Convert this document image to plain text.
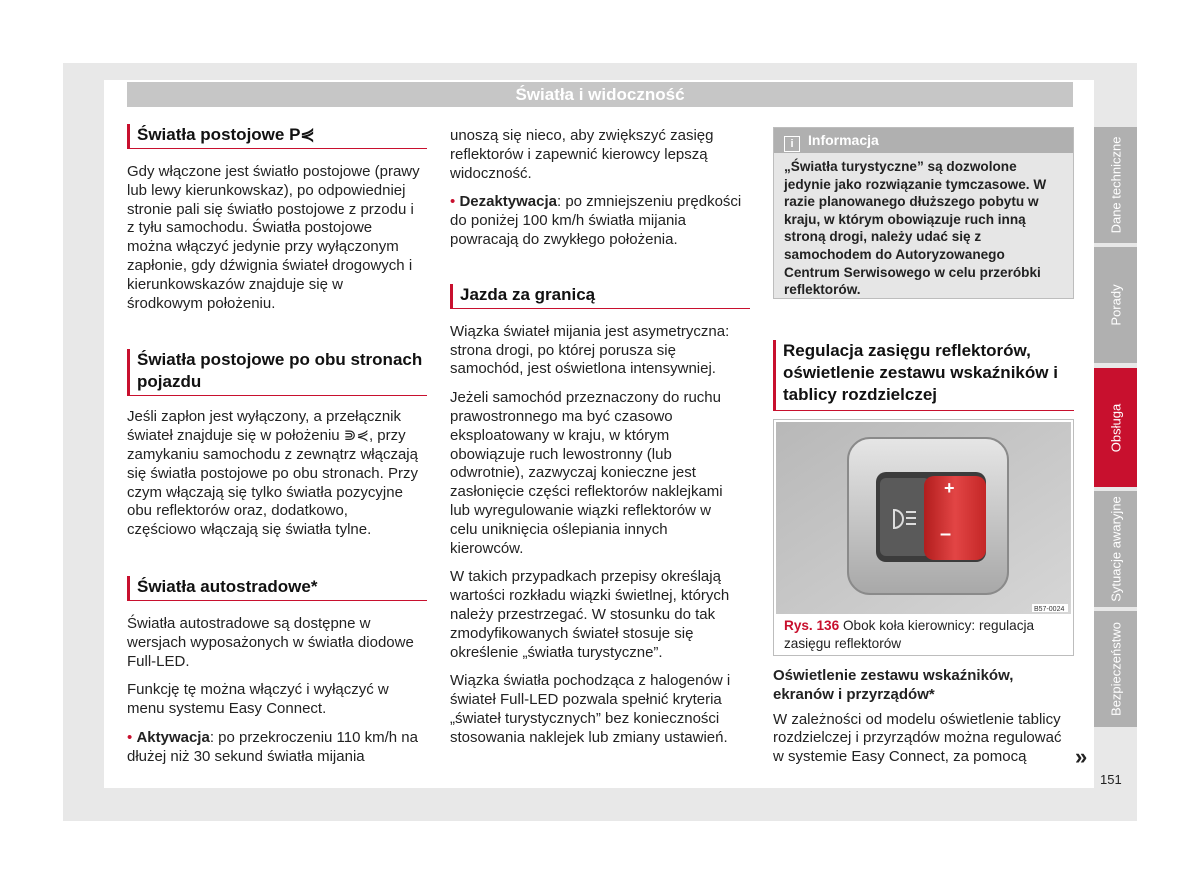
Światła i widoczność
Światła postojowe P⋞

Gdy włączone jest światło postojowe (prawy lub lewy kierunkowskaz), po odpowiedniej stronie pali się światło postojowe z przodu i z tyłu samochodu. Światła postojowe można włączyć jedynie przy wyłączonym zapłonie, gdy dźwignia świateł drogowych i kierunkowskazów znajduje się w środkowym położeniu.

Światła postojowe po obu stronach pojazdu

Jeśli zapłon jest wyłączony, a przełącznik świateł znajduje się w położeniu ⋑⋞, przy zamykaniu samochodu z zewnątrz włączają się światła postojowe po obu stronach. Przy czym włączają się tylko światła pozycyjne obu reflektorów oraz, dodatkowo, częściowo włączają się światła tylne.

Światła autostradowe*

Światła autostradowe są dostępne w wersjach wyposażonych w światła diodowe Full-LED.

Funkcję tę można włączyć i wyłączyć w menu systemu Easy Connect.

• Aktywacja: po przekroczeniu 110 km/h na dłużej niż 30 sekund światła mijania

unoszą się nieco, aby zwiększyć zasięg reflektorów i zapewnić kierowcy lepszą widoczność.

• Dezaktywacja: po zmniejszeniu prędkości do poniżej 100 km/h światła mijania powracają do zwykłego położenia.

Jazda za granicą

Wiązka świateł mijania jest asymetryczna: strona drogi, po której porusza się samochód, jest oświetlona intensywniej.

Jeżeli samochód przeznaczony do ruchu prawostronnego ma być czasowo eksploatowany w kraju, w którym obowiązuje ruch lewostronny (lub odwrotnie), zazwyczaj konieczne jest zasłonięcie części reflektorów naklejkami lub wyregulowanie wiązki reflektorów w celu uniknięcia oślepiania innych kierowców.

W takich przypadkach przepisy określają wartości rozkładu wiązki świetlnej, których należy przestrzegać. W stosunku do tak zmodyfikowanych świateł stosuje się określenie „światła turystyczne”.

Wiązka światła pochodząca z halogenów i świateł Full-LED pozwala spełnić kryteria „świateł turystycznych” bez konieczności stosowania naklejek lub zmiany ustawień.

i Informacja
„Światła turystyczne” są dozwolone jedynie jako rozwiązanie tymczasowe. W razie planowanego dłuższego pobytu w kraju, w którym obowiązuje ruch inną stroną drogi, należy udać się z samochodem do Autoryzowanego Centrum Serwisowego w celu przeróbki reflektorów.
Regulacja zasięgu reflektorów, oświetlenie zestawu wskaźników i tablicy rozdzielczej
+
–
B57-0024
Rys. 136 Obok koła kierownicy: regulacja zasięgu reflektorów

Oświetlenie zestawu wskaźników, ekranów i przyrządów*

W zależności od modelu oświetlenie tablicy rozdzielczej i przyrządów można regulować w systemie Easy Connect, za pomocą	»
Dane techniczne
Porady
Obsługa
Sytuacje awaryjne
Bezpieczeństwo
151
